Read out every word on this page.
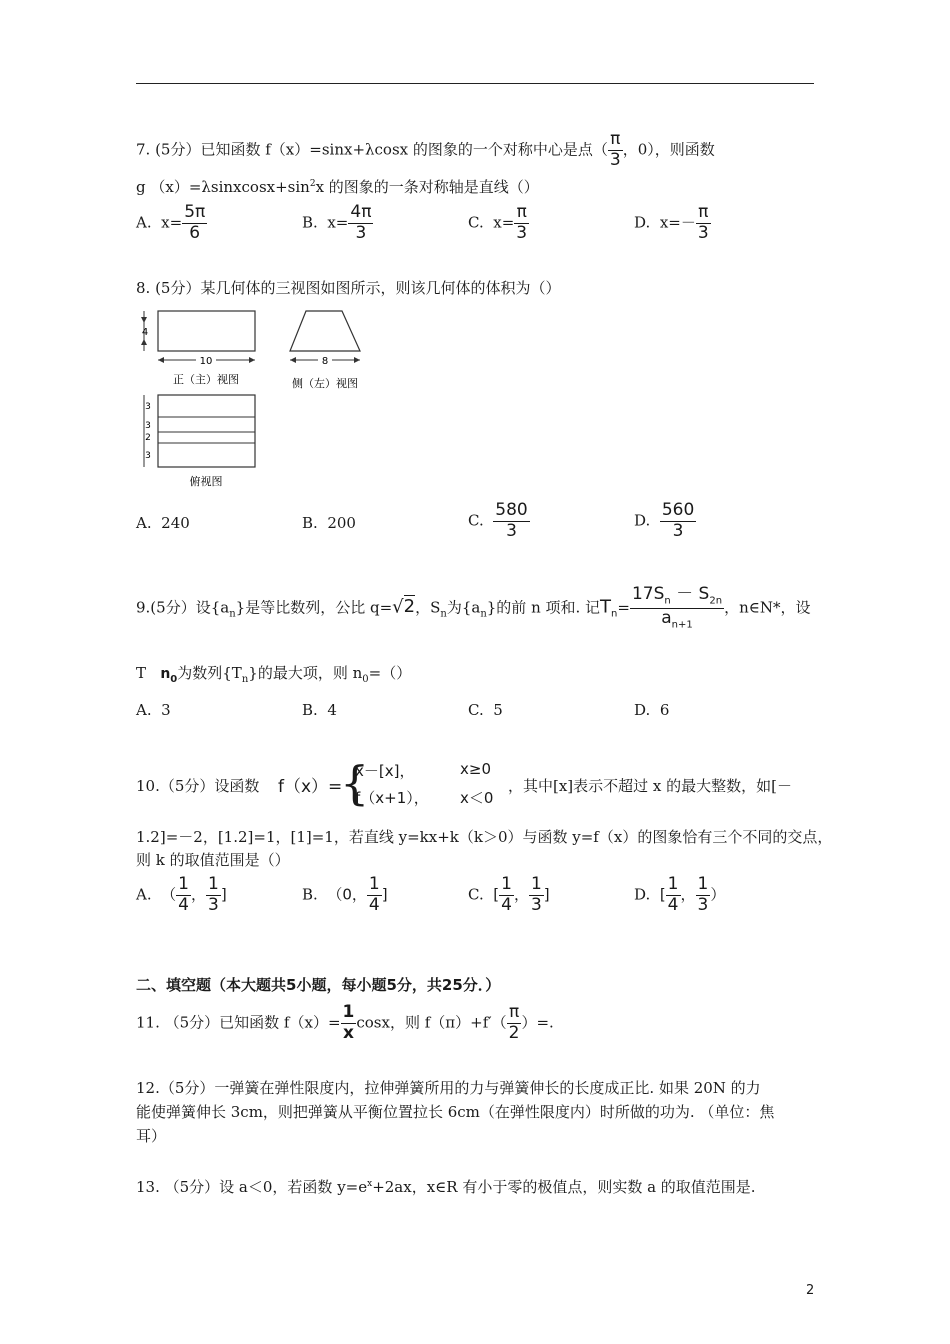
7. (5分）已知函数 f（x）=sinx+λcosx 的图象的一个对称中心是点（ $\frac{\pi}{3}$ ，0），则函数
g $(x)=\lambda sinxcosx+\sin^2x$ 的图象的一条对称轴是直线（）
A. $x= \frac{5\pi}{6}$	B. $x= \frac{4\pi}{3}$	C. $x= \frac{\pi}{3}$	D. $x=- \frac{\pi}{3}$
8. (5分）某几何体的三视图如图所示，则该几何体的体积为（）
4
10
正（主）视图
8
侧（左）视图
3
3
2
3
俯视图
A. 240	B. 200	C. $\frac{580}{3}$	D. $\frac{560}{3}$
9.(5分）设$\{a_n\}$是等比数列，公比 q=√2，$S_n$为$\{a_n\}$的前 n 项和. 记$T_n= \frac{17S_n - S_{2n}}{a_{n+1}}$ ，n∈N*，设
T $n_0$为数列$\{T_n\}$的最大项，则 $n_0=()$
A. 3	B. 4	C. 5	D. 6
10.（5分）设函数 f（x）=
{
x－[x]，	x≥0
f（x+1）， x＜0
，其中[x]表示不超过 x 的最大整数，如[－
1.2]=－2，[1.2]=1，[1]=1，若直线 y=kx+k（k＞0）与函数 y=f（x）的图象恰有三个不同的交点，
则 k 的取值范围是（）
A. （ $\frac{1}{4}$ ， $\frac{1}{3}$ ]	B. （0， $\frac{1}{4}$ ]	C. [ $\frac{1}{4}$ ， $\frac{1}{3}$ ]	D. [ $\frac{1}{4}$ ， $\frac{1}{3}$ ）
二、填空题（本大题共5小题，每小题5分，共25分．）
11. （5分）已知函数 $f(x)= \frac{1}{x}$ cosx，则 $f(\pi)+f'( \frac{\pi}{2}$ ）=.
12.（5分）一弹簧在弹性限度内，拉伸弹簧所用的力与弹簧伸长的长度成正比. 如果 20N 的力
能使弹簧伸长 3cm，则把弹簧从平衡位置拉长 6cm（在弹性限度内）时所做的功为. （单位：焦
耳）
13. （5分）设 a＜0，若函数 $y=e^x+2ax$，x∈R 有小于零的极值点，则实数 a 的取值范围是.
2
